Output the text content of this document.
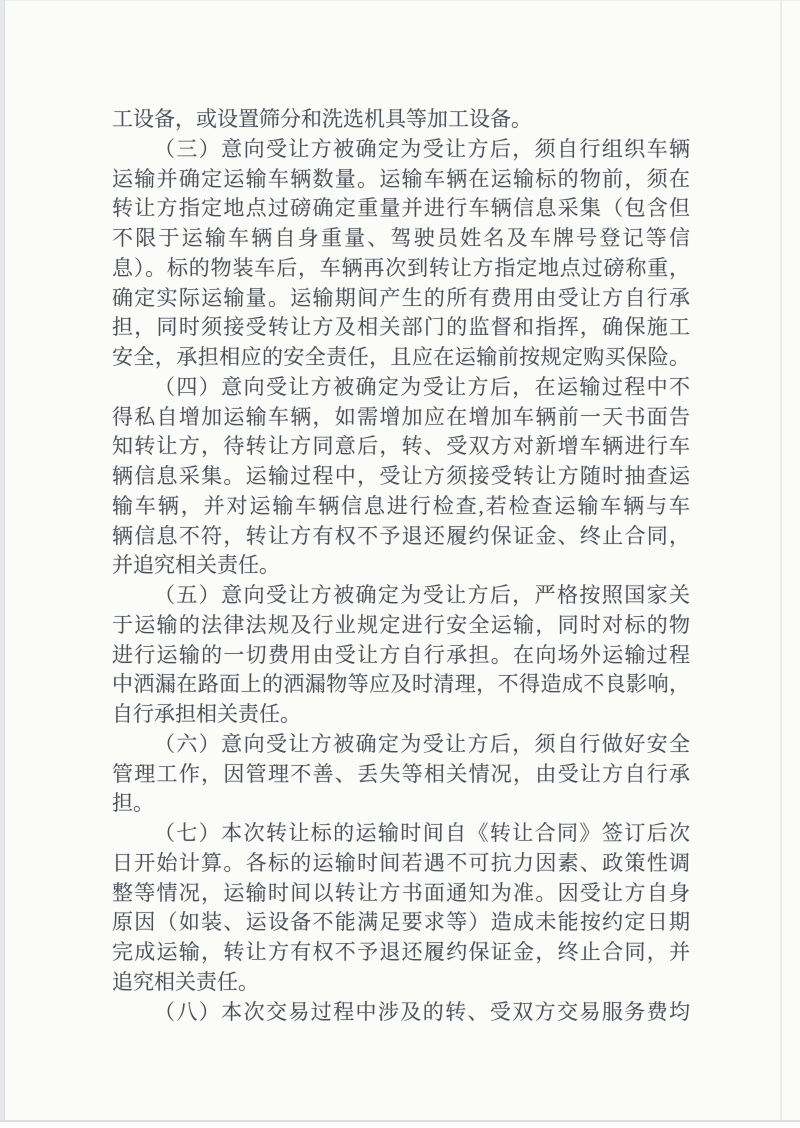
工设备，或设置筛分和洗选机具等加工设备。
（三）意向受让方被确定为受让方后，须自行组织车辆
运输并确定运输车辆数量。运输车辆在运输标的物前，须在
转让方指定地点过磅确定重量并进行车辆信息采集（包含但
不限于运输车辆自身重量、驾驶员姓名及车牌号登记等信
息）。标的物装车后，车辆再次到转让方指定地点过磅称重，
确定实际运输量。运输期间产生的所有费用由受让方自行承
担，同时须接受转让方及相关部门的监督和指挥，确保施工
安全，承担相应的安全责任，且应在运输前按规定购买保险。
（四）意向受让方被确定为受让方后，在运输过程中不
得私自增加运输车辆，如需增加应在增加车辆前一天书面告
知转让方，待转让方同意后，转、受双方对新增车辆进行车
辆信息采集。运输过程中，受让方须接受转让方随时抽查运
输车辆，并对运输车辆信息进行检查,若检查运输车辆与车
辆信息不符，转让方有权不予退还履约保证金、终止合同，
并追究相关责任。
（五）意向受让方被确定为受让方后，严格按照国家关
于运输的法律法规及行业规定进行安全运输，同时对标的物
进行运输的一切费用由受让方自行承担。在向场外运输过程
中洒漏在路面上的洒漏物等应及时清理，不得造成不良影响，
自行承担相关责任。
（六）意向受让方被确定为受让方后，须自行做好安全
管理工作，因管理不善、丢失等相关情况，由受让方自行承
担。
（七）本次转让标的运输时间自《转让合同》签订后次
日开始计算。各标的运输时间若遇不可抗力因素、政策性调
整等情况，运输时间以转让方书面通知为准。因受让方自身
原因（如装、运设备不能满足要求等）造成未能按约定日期
完成运输，转让方有权不予退还履约保证金，终止合同，并
追究相关责任。
（八）本次交易过程中涉及的转、受双方交易服务费均
